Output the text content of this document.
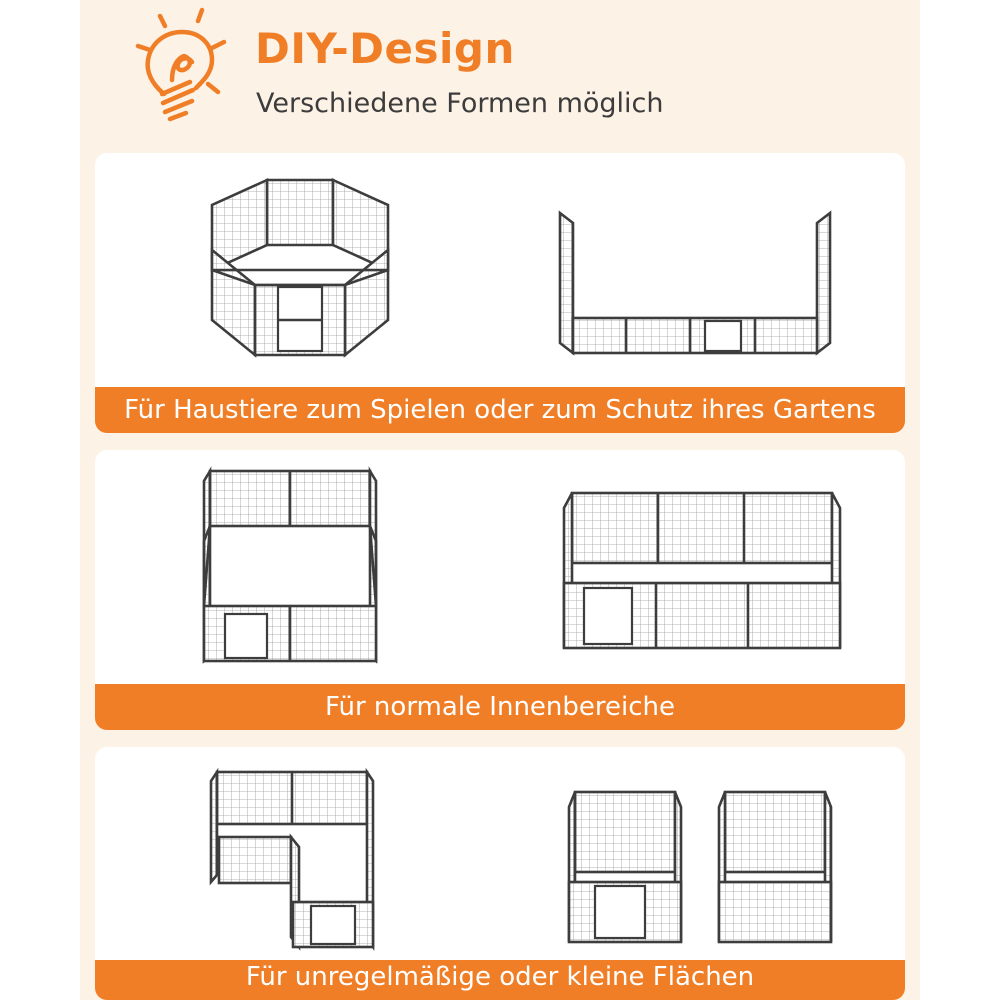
DIY-Design

Verschiedene Formen möglich

Für Haustiere zum Spielen oder zum Schutz ihres Gartens
Für normale Innenbereiche
Für unregelmäßige oder kleine Flächen
